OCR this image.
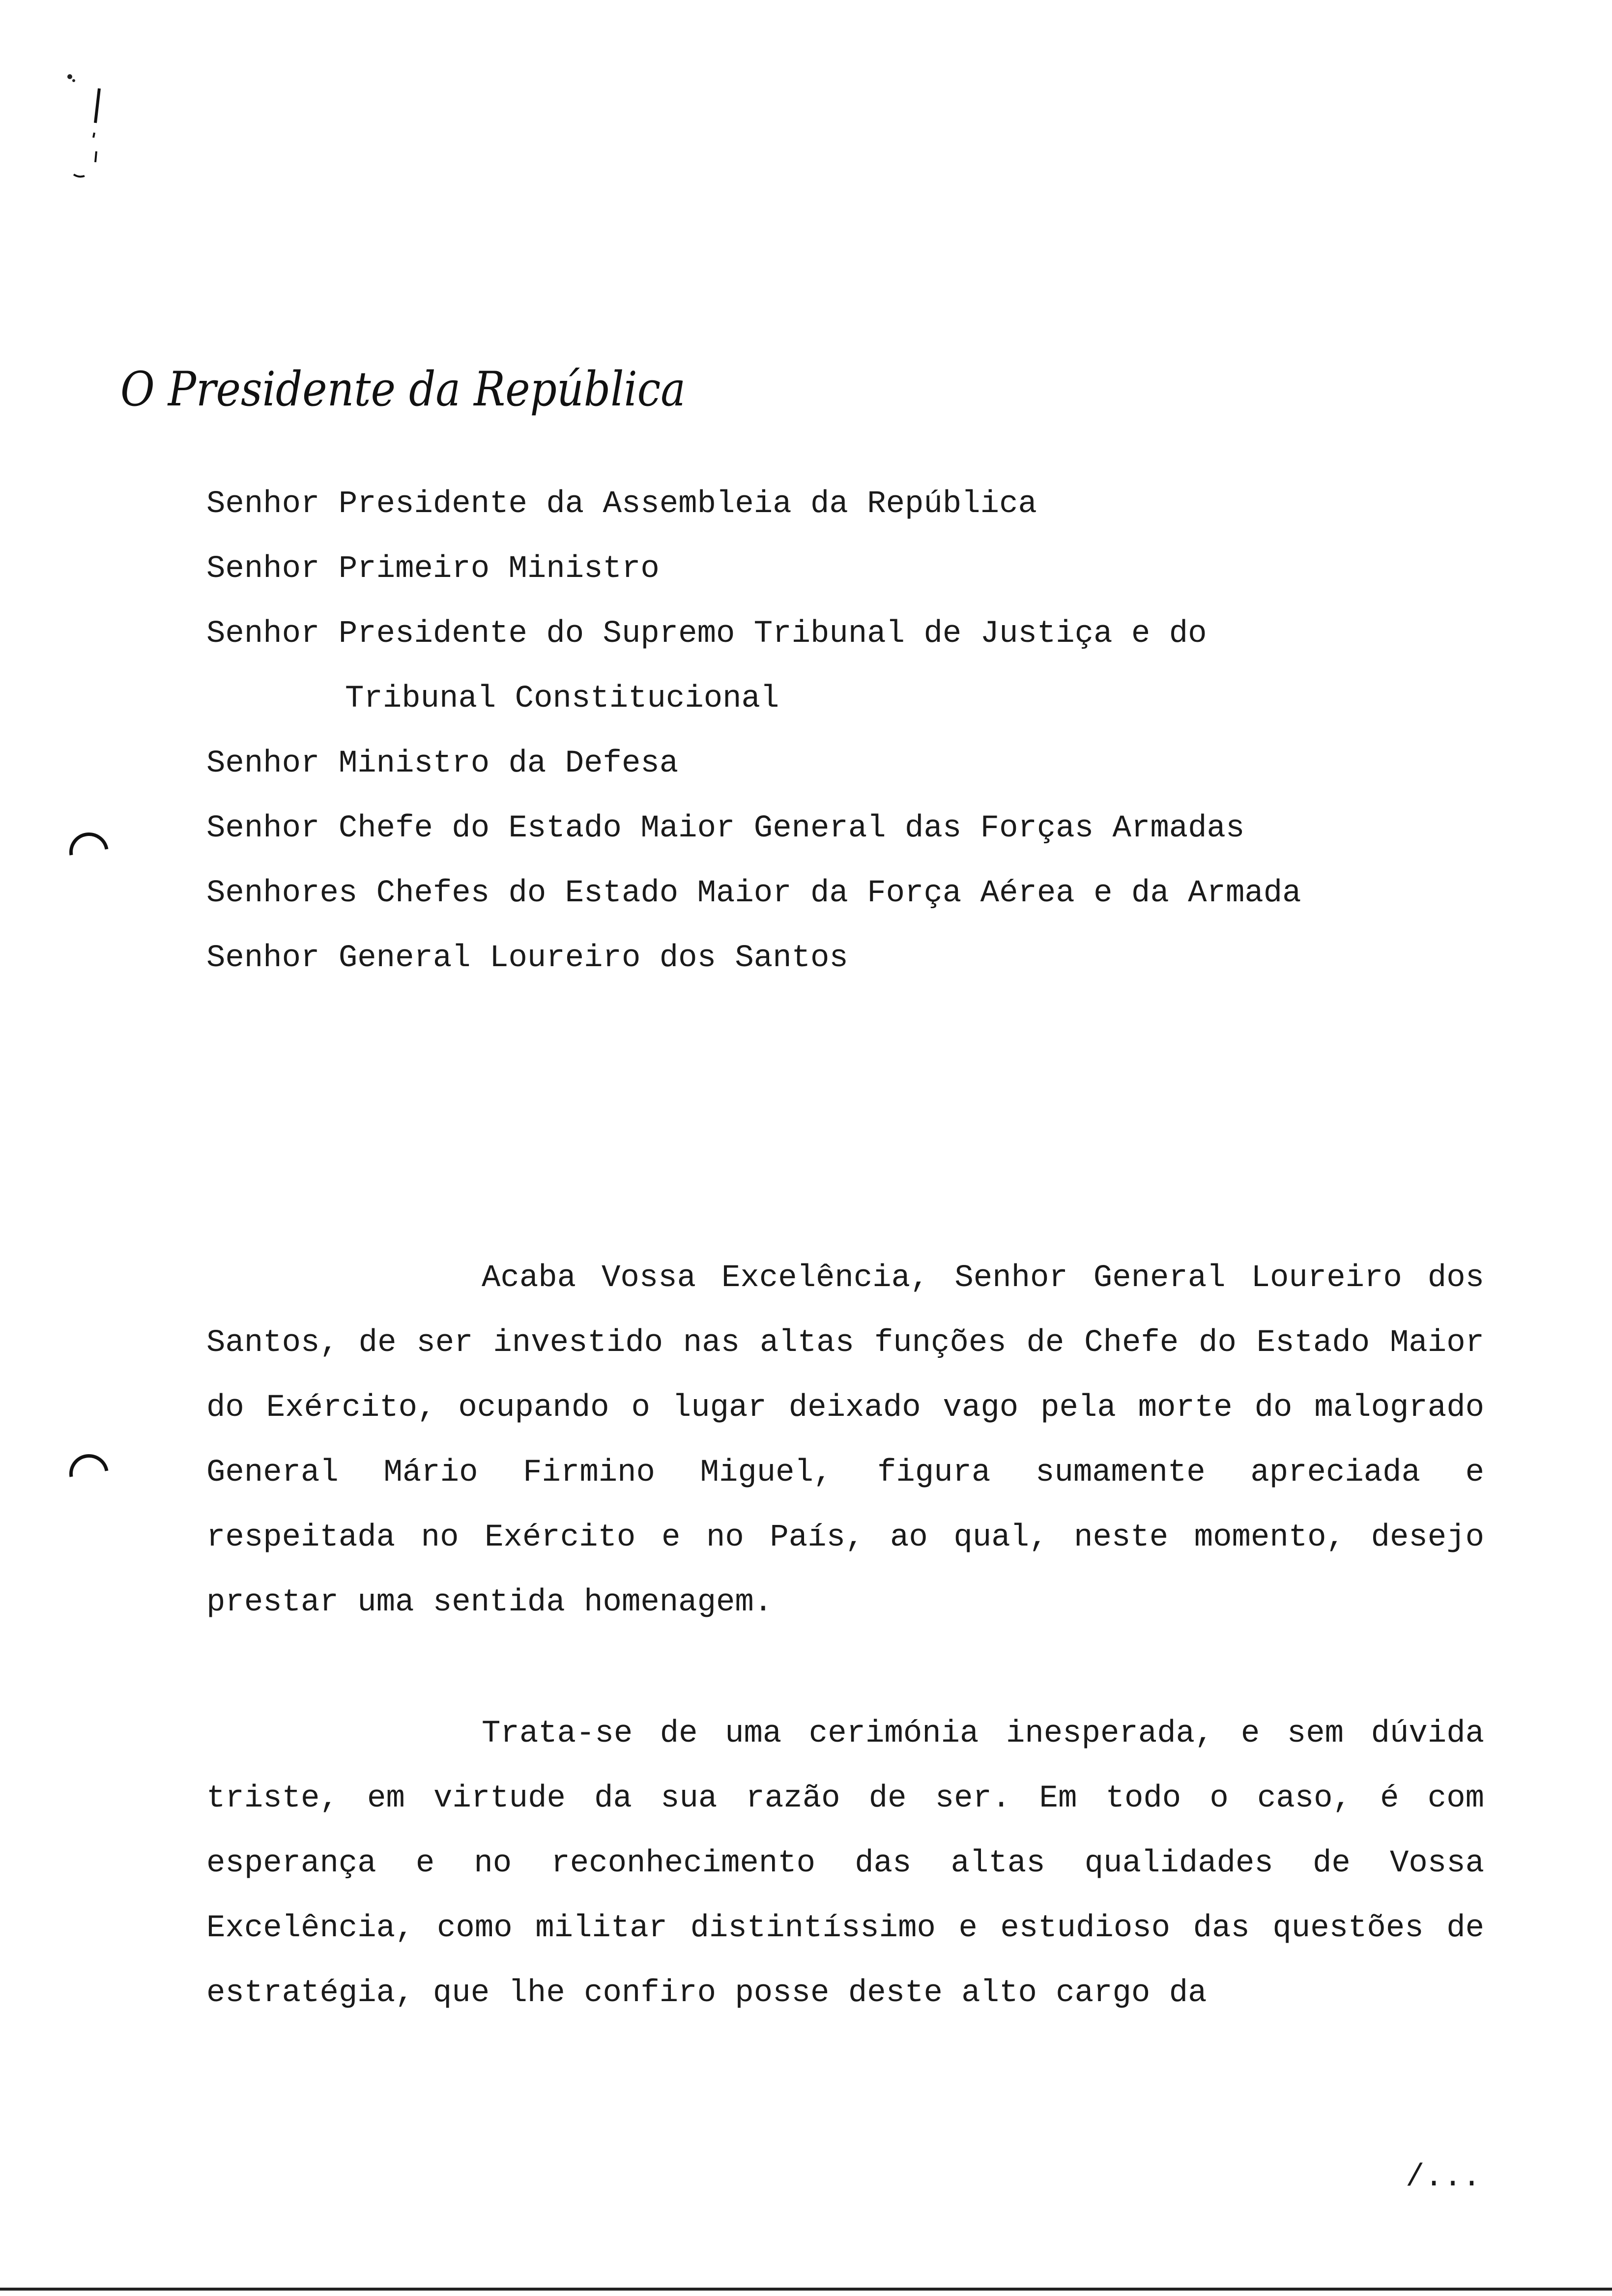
O Presidente da República
Senhor Presidente da Assembleia da República
Senhor Primeiro Ministro
Senhor Presidente do Supremo Tribunal de Justiça e do
Tribunal Constitucional
Senhor Ministro da Defesa
Senhor Chefe do Estado Maior General das Forças Armadas
Senhores Chefes do Estado Maior da Força Aérea e da Armada
Senhor General Loureiro dos Santos

Acaba Vossa Excelência, Senhor General Loureiro dos Santos, de ser investido nas altas funções de Chefe do Estado Maior do Exército, ocupando o lugar deixado vago pela morte do malogrado General Mário Firmino Miguel, figura sumamente apreciada e respeitada no Exército e no País, ao qual, neste momento, desejo prestar uma sentida homenagem.

Trata-se de uma cerimónia inesperada, e sem dúvida triste, em virtude da sua razão de ser. Em todo o caso, é com esperança e no reconhecimento das altas qualidades de Vossa Excelência, como militar distintíssimo e estudioso das questões de estratégia, que lhe confiro posse deste alto cargo da

/...
